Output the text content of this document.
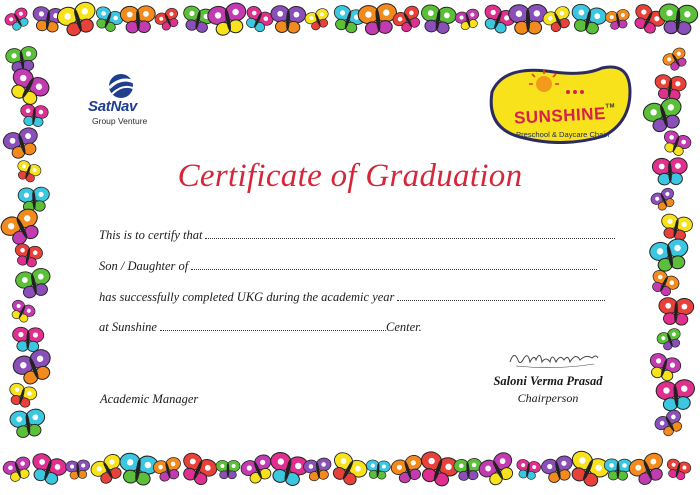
SatNav
Group Venture	SUNSHINE™
Preschool & Daycare Chain
Certificate of Graduation
This is to certify that
Son / Daughter of
has successfully completed UKG during the academic year
at Sunshine	Center.
Saloni Verma Prasad
Chairperson
Academic Manager
